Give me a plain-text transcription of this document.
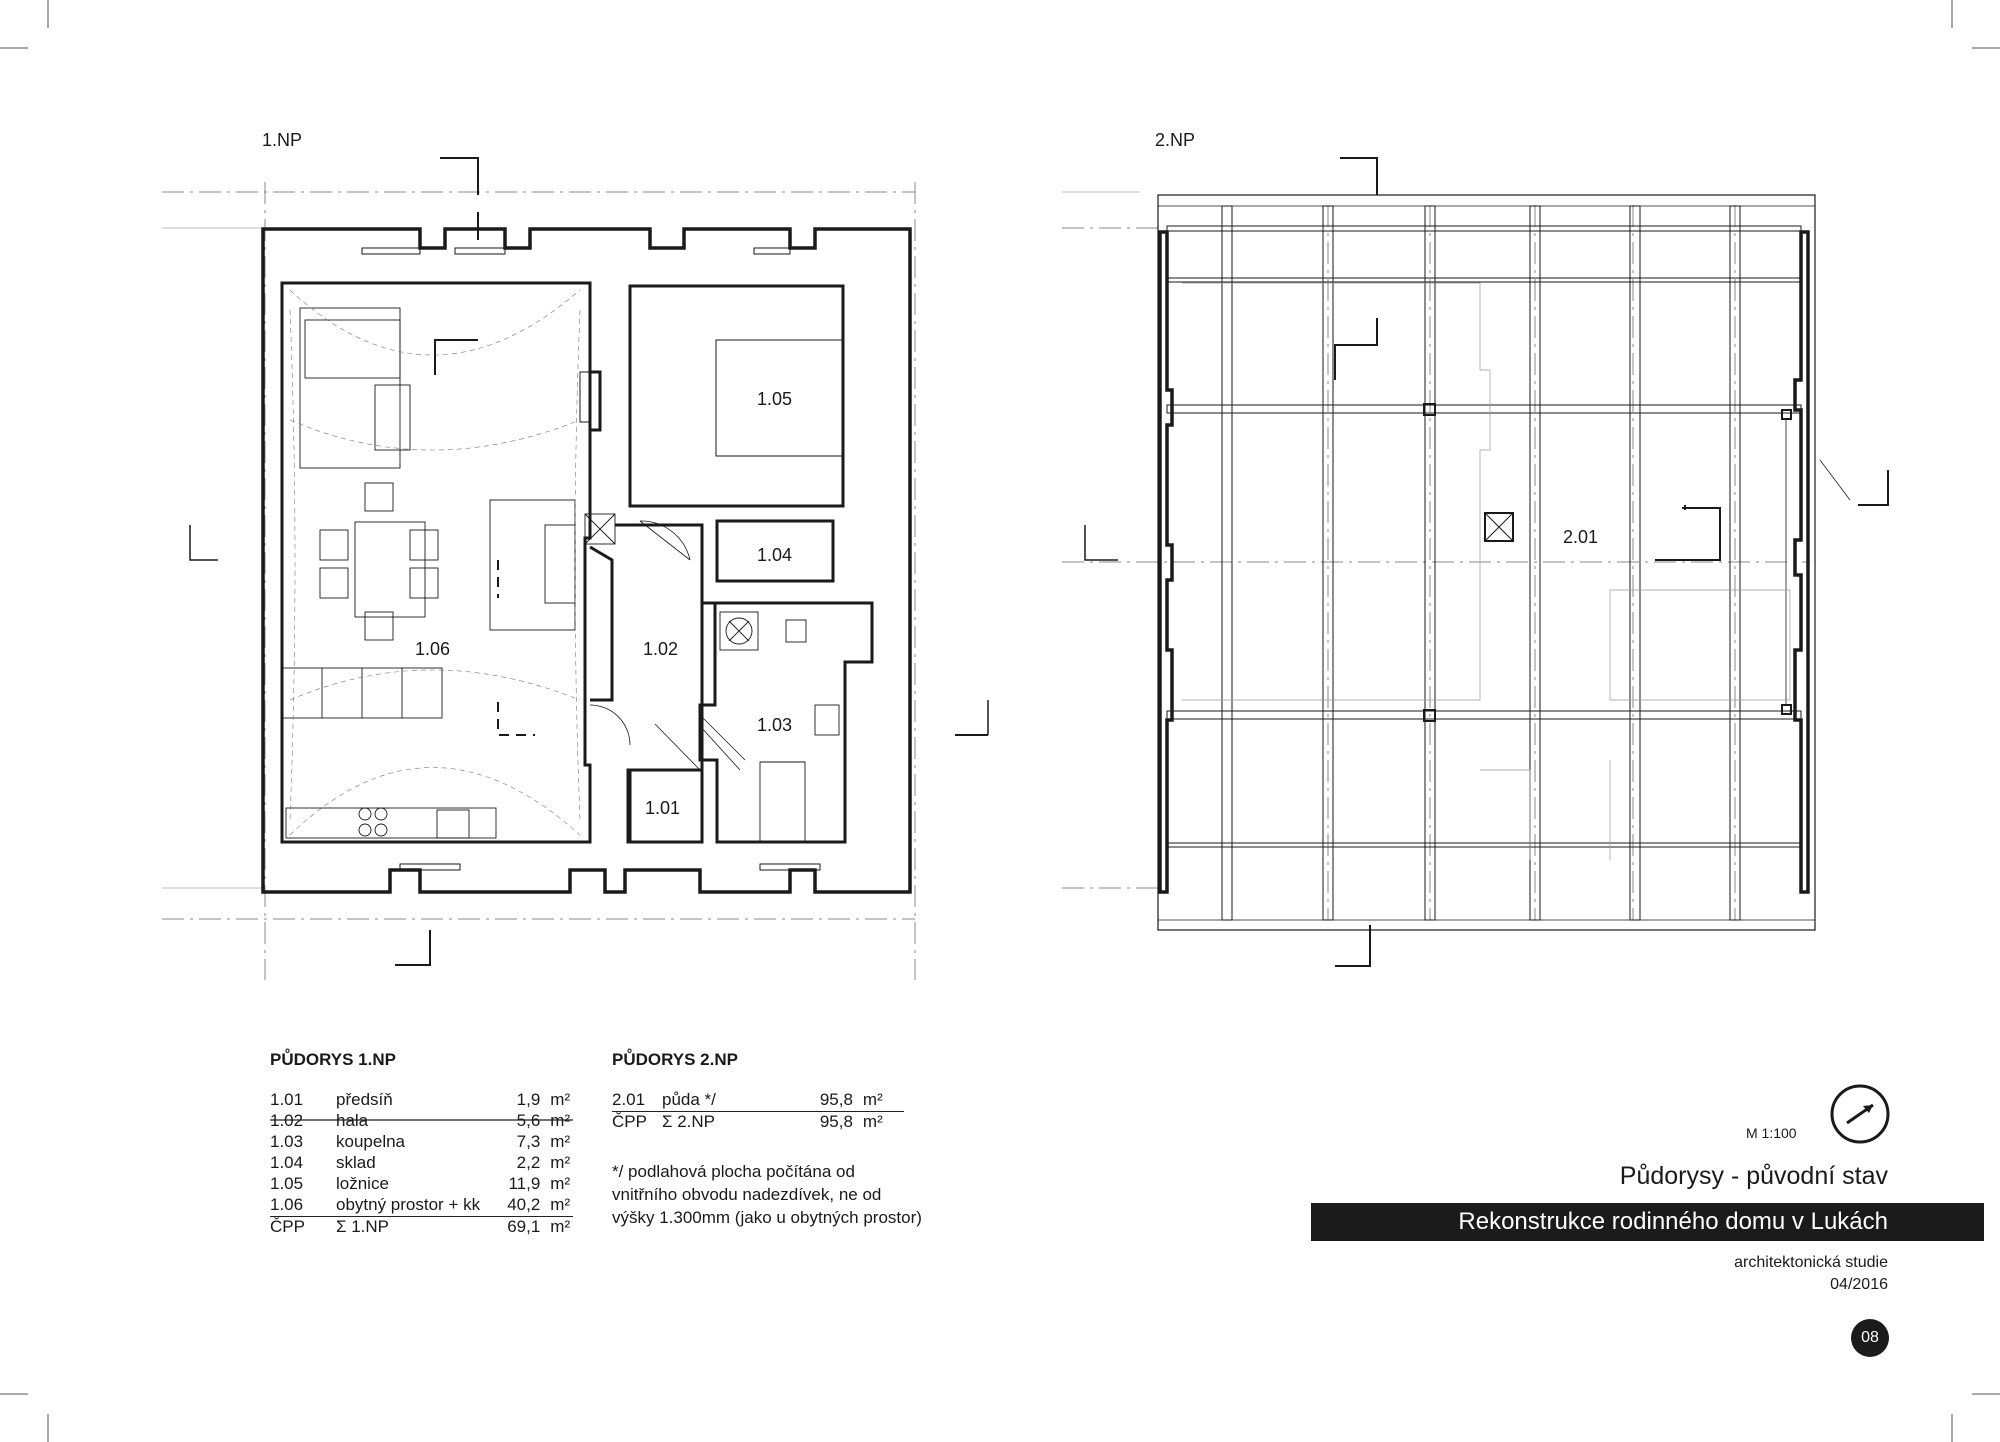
1.NP	2.NP
1.05
1.04
1.02
1.06
1.03
1.01
2.01
PŮDORYS 1.NP
1.01	předsíň	1,9	m²
1.02	hala	5,6	m²
1.03	koupelna	7,3	m²
1.04	sklad	2,2	m²
1.05	ložnice	11,9	m²
1.06	obytný prostor + kk	40,2	m²
ČPP	Σ 1.NP	69,1	m²
PŮDORYS 2.NP
2.01	půda */	95,8	m²
ČPP	Σ 2.NP	95,8	m²
*/ podlahová plocha počítána od
vnitřního obvodu nadezdívek, ne od
výšky 1.300mm (jako u obytných prostor)
M 1:100
Půdorysy - původní stav
Rekonstrukce rodinného domu v Lukách
architektonická studie
04/2016
08
